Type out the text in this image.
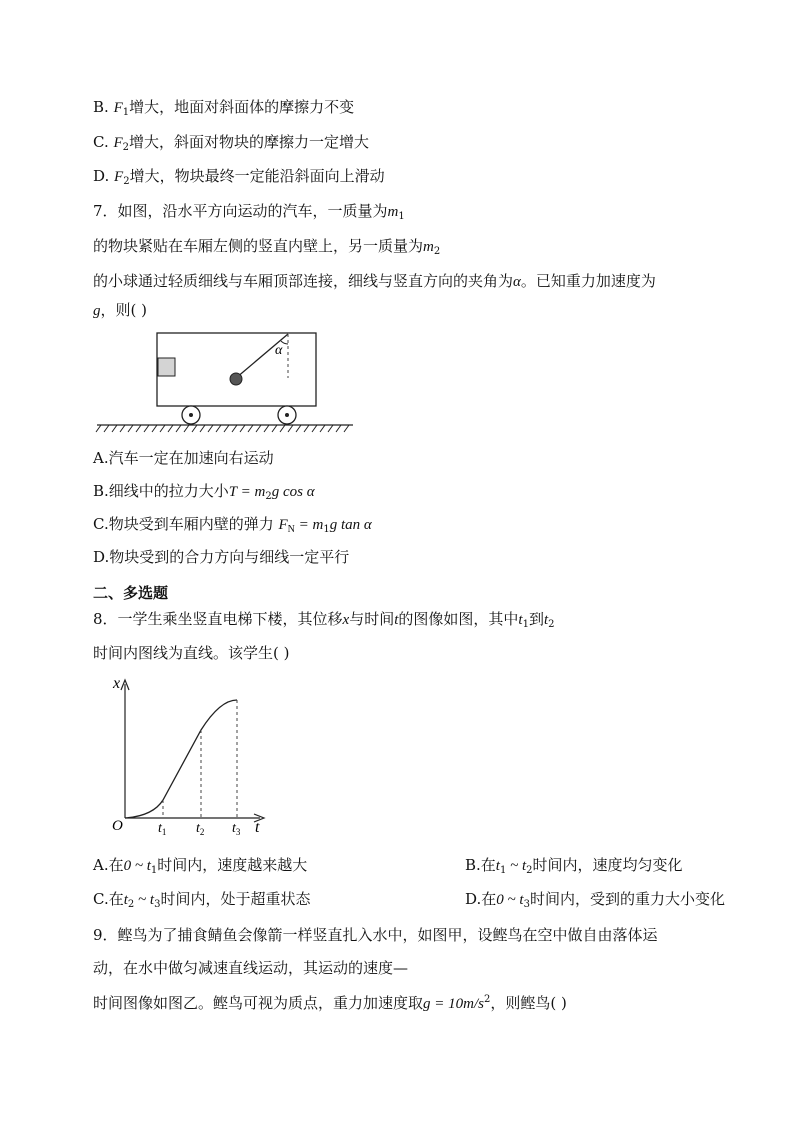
B. $F_1$增大，地面对斜面体的摩擦力不变
C. $F_2$增大，斜面对物块的摩擦力一定增大
D. $F_2$增大，物块最终一定能沿斜面向上滑动
7．如图，沿水平方向运动的汽车，一质量为$m_1$
的物块紧贴在车厢左侧的竖直内壁上，另一质量为$m_2$
的小球通过轻质细线与车厢顶部连接，细线与竖直方向的夹角为α。已知重力加速度为
g，则( )
α
A.汽车一定在加速向右运动
B.细线中的拉力大小$T = m_2g$ cos α
C.物块受到车厢内壁的弹力 $F_N = m_1g$ tan α
D.物块受到的合力方向与细线一定平行
二、多选题
8．一学生乘坐竖直电梯下楼，其位移x与时间t的图像如图，其中$t_1$到$t_2$
时间内图线为直线。该学生( )
x
t
O	$t_1$ $t_2$ $t_3$
A.在0 ~ $t_1$时间内，速度越来越大	B.在$t_1$ ~ $t_2$时间内，速度均匀变化
C.在$t_2$ ~ $t_3$时间内，处于超重状态	D.在0 ~ $t_3$时间内，受到的重力大小变化
9．鲣鸟为了捕食鲭鱼会像箭一样竖直扎入水中，如图甲，设鲣鸟在空中做自由落体运
动，在水中做匀减速直线运动，其运动的速度—
时间图像如图乙。鲣鸟可视为质点，重力加速度取$g = 10m/s^2$，则鲣鸟( )
